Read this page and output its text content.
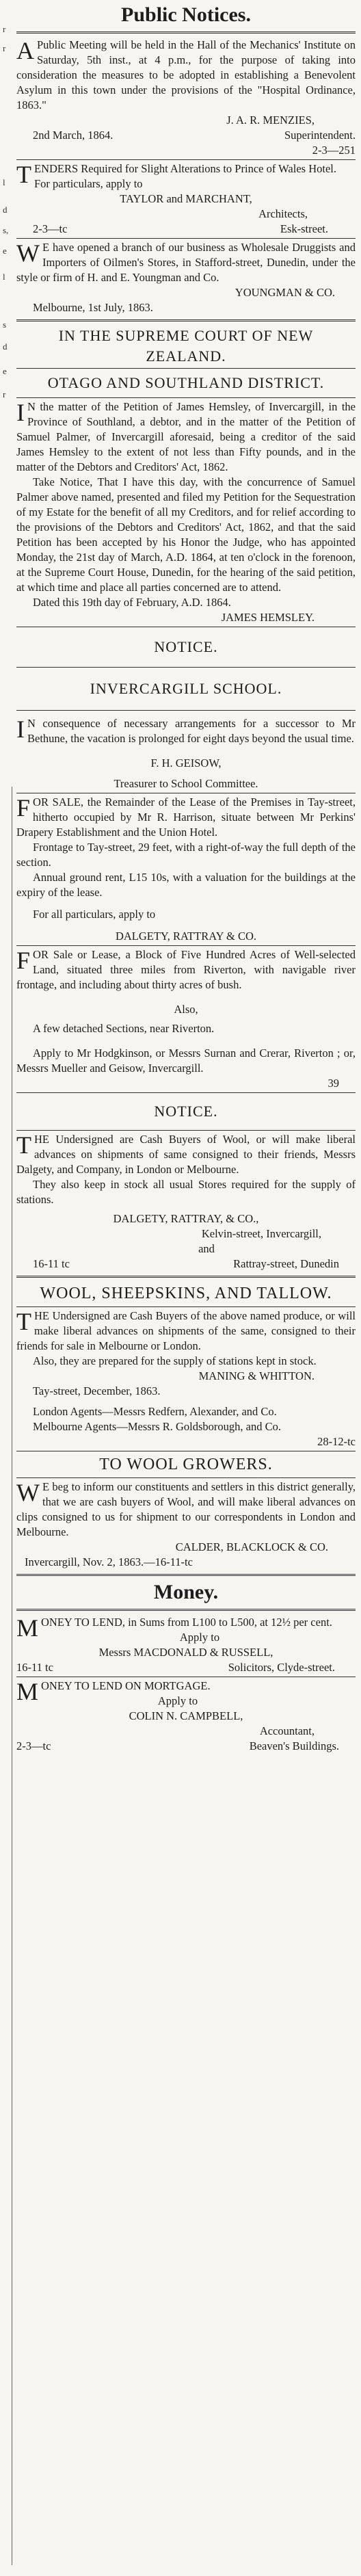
r
r
l
d
s,
e
l
s
d
e
r
Public Notices.

A Public Meeting will be held in the Hall of the Mechanics' Institute on Saturday, 5th inst., at 4 p.m., for the purpose of taking into consideration the measures to be adopted in establishing a Benevolent Asylum in this town under the provisions of the "Hospital Ordinance, 1863."

J. A. R. MENZIES,

2nd March, 1864.	Superintendent.

2-3—251

TENDERS Required for Slight Alterations to Prince of Wales Hotel.

For particulars, apply to

TAYLOR and MARCHANT,

Architects,

2-3—tc	Esk-street.

W E have opened a branch of our business as Wholesale Druggists and Importers of Oilmen's Stores, in Stafford-street, Dunedin, under the style or firm of H. and E. Youngman and Co.

YOUNGMAN & CO.

Melbourne, 1st July, 1863.

IN THE SUPREME COURT OF NEW ZEALAND.

OTAGO AND SOUTHLAND DISTRICT.

I N the matter of the Petition of James Hemsley, of Invercargill, in the Province of Southland, a debtor, and in the matter of the Petition of Samuel Palmer, of Invercargill aforesaid, being a creditor of the said James Hemsley to the extent of not less than Fifty pounds, and in the matter of the Debtors and Creditors' Act, 1862.

Take Notice, That I have this day, with the concurrence of Samuel Palmer above named, presented and filed my Petition for the Sequestration of my Estate for the benefit of all my Creditors, and for relief according to the provisions of the Debtors and Creditors' Act, 1862, and that the said Petition has been accepted by his Honor the Judge, who has appointed Monday, the 21st day of March, A.D. 1864, at ten o'clock in the forenoon, at the Supreme Court House, Dunedin, for the hearing of the said petition, at which time and place all parties concerned are to attend.

Dated this 19th day of February, A.D. 1864.

JAMES HEMSLEY.

NOTICE.

INVERCARGILL SCHOOL.

I N consequence of necessary arrangements for a successor to Mr Bethune, the vacation is prolonged for eight days beyond the usual time.

F. H. GEISOW,

Treasurer to School Committee.

FOR SALE, the Remainder of the Lease of the Premises in Tay-street, hitherto occupied by Mr R. Harrison, situate between Mr Perkins' Drapery Establishment and the Union Hotel.

Frontage to Tay-street, 29 feet, with a right-of-way the full depth of the section.

Annual ground rent, L15 10s, with a valuation for the buildings at the expiry of the lease.

For all particulars, apply to

DALGETY, RATTRAY & CO.

FOR Sale or Lease, a Block of Five Hundred Acres of Well-selected Land, situated three miles from Riverton, with navigable river frontage, and including about thirty acres of bush.

Also,

A few detached Sections, near Riverton.

Apply to Mr Hodgkinson, or Messrs Surnan and Crerar, Riverton ; or, Messrs Mueller and Geisow, Invercargill.

39

NOTICE.

THE Undersigned are Cash Buyers of Wool, or will make liberal advances on shipments of same consigned to their friends, Messrs Dalgety, and Company, in London or Melbourne.

They also keep in stock all usual Stores required for the supply of stations.

DALGETY, RATTRAY, & CO.,

Kelvin-street, Invercargill,

and

16-11 tc	Rattray-street, Dunedin

WOOL, SHEEPSKINS, AND TALLOW.

THE Undersigned are Cash Buyers of the above named produce, or will make liberal advances on shipments of the same, consigned to their friends for sale in Melbourne or London.

Also, they are prepared for the supply of stations kept in stock.

MANING & WHITTON.

Tay-street, December, 1863.

London Agents—Messrs Redfern, Alexander, and Co.

Melbourne Agents—Messrs R. Goldsborough, and Co.

28-12-tc

TO WOOL GROWERS.

W E beg to inform our constituents and settlers in this district generally, that we are cash buyers of Wool, and will make liberal advances on clips consigned to us for shipment to our correspondents in London and Melbourne.

CALDER, BLACKLOCK & CO.

Invercargill, Nov. 2, 1863.—16-11-tc

Money.

MONEY TO LEND, in Sums from L100 to L500, at 12½ per cent.

Apply to

Messrs MACDONALD & RUSSELL,

16-11 tc	Solicitors, Clyde-street.

MONEY TO LEND ON MORTGAGE.

Apply to

COLIN N. CAMPBELL,

Accountant,

2-3—tc	Beaven's Buildings.
